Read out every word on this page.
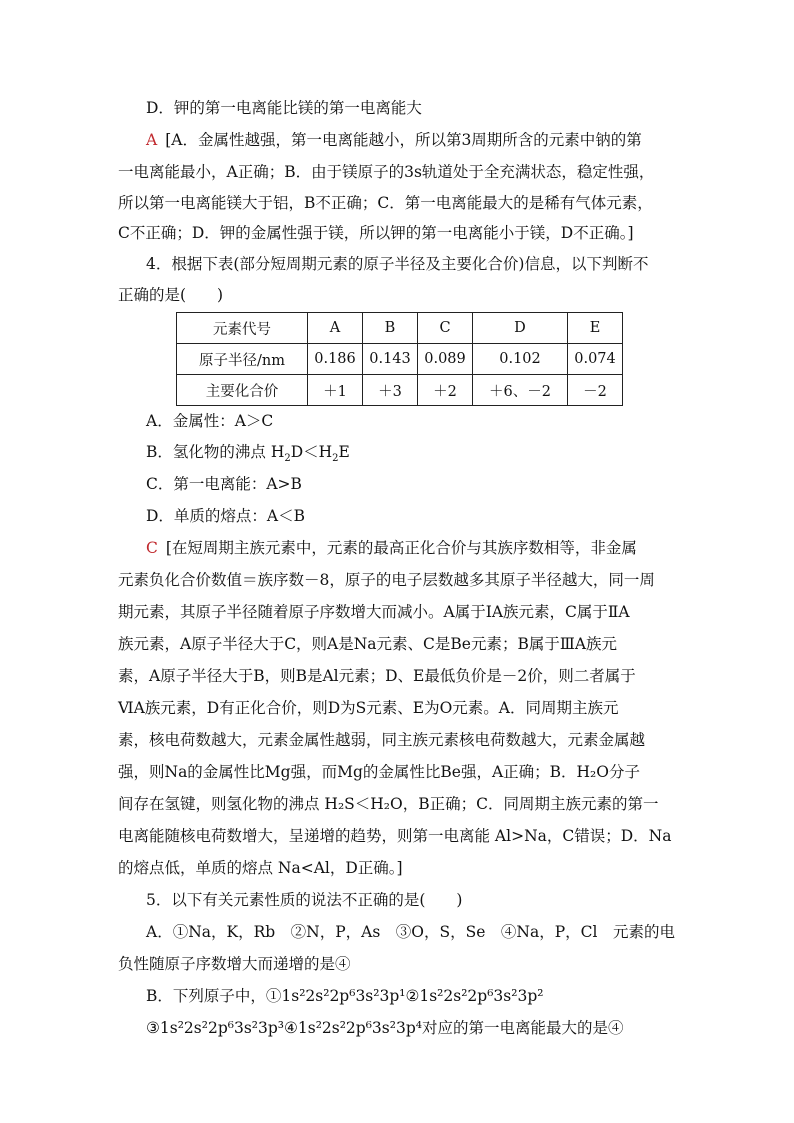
D．钾的第一电离能比镁的第一电离能大
A [A．金属性越强，第一电离能越小，所以第3周期所含的元素中钠的第
一电离能最小，A正确；B．由于镁原子的3s轨道处于全充满状态，稳定性强，
所以第一电离能镁大于铝，B不正确；C．第一电离能最大的是稀有气体元素，
C不正确；D．钾的金属性强于镁，所以钾的第一电离能小于镁，D不正确。]
4．根据下表(部分短周期元素的原子半径及主要化合价)信息，以下判断不
正确的是(　　)
元素代号	A	B	C	D	E
原子半径/nm	0.186	0.143	0.089	0.102	0.074
主要化合价	＋1	＋3	＋2	＋6、－2	－2
A．金属性：A＞C
B．氢化物的沸点 $H_2D<H_2E$
C．第一电离能：A>B
D．单质的熔点：A＜B
C [在短周期主族元素中，元素的最高正化合价与其族序数相等，非金属
元素负化合价数值＝族序数－8，原子的电子层数越多其原子半径越大，同一周
期元素，其原子半径随着原子序数增大而减小。A属于ⅠA族元素，C属于ⅡA
族元素，A原子半径大于C，则A是Na元素、C是Be元素；B属于ⅢA族元
素，A原子半径大于B，则B是Al元素；D、E最低负价是－2价，则二者属于
ⅥA族元素，D有正化合价，则D为S元素、E为O元素。A．同周期主族元
素，核电荷数越大，元素金属性越弱，同主族元素核电荷数越大，元素金属越
强，则Na的金属性比Mg强，而Mg的金属性比Be强，A正确；B．H₂O分子
间存在氢键，则氢化物的沸点 H₂S＜H₂O，B正确；C．同周期主族元素的第一
电离能随核电荷数增大，呈递增的趋势，则第一电离能 Al>Na，C错误；D．Na
的熔点低，单质的熔点 Na<Al，D正确。]
5．以下有关元素性质的说法不正确的是(　　)
A．①Na，K，Rb　②N，P，As　③O，S，Se　④Na，P，Cl　元素的电
负性随原子序数增大而递增的是④
B．下列原子中，①1s²2s²2p⁶3s²3p¹②1s²2s²2p⁶3s²3p²
③1s²2s²2p⁶3s²3p³④1s²2s²2p⁶3s²3p⁴对应的第一电离能最大的是④
